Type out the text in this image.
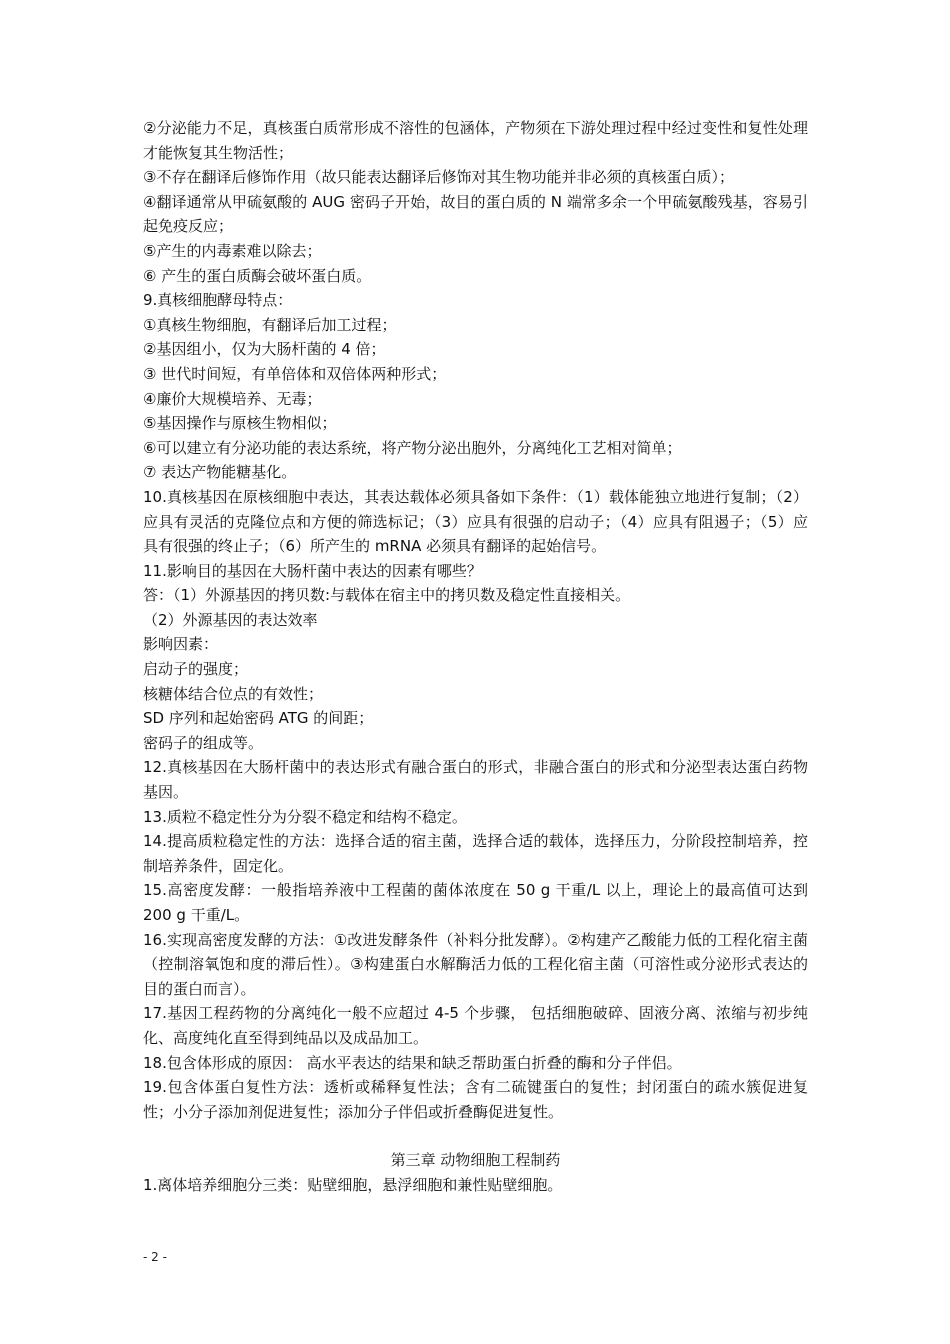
②分泌能力不足，真核蛋白质常形成不溶性的包涵体，产物须在下游处理过程中经过变性和复性处理才能恢复其生物活性；
③不存在翻译后修饰作用（故只能表达翻译后修饰对其生物功能并非必须的真核蛋白质）；
④翻译通常从甲硫氨酸的 AUG 密码子开始，故目的蛋白质的 N 端常多余一个甲硫氨酸残基，容易引起免疫反应；
⑤产生的内毒素难以除去；
⑥ 产生的蛋白质酶会破坏蛋白质。
9.真核细胞酵母特点：
①真核生物细胞，有翻译后加工过程；
②基因组小，仅为大肠杆菌的 4 倍；
③ 世代时间短，有单倍体和双倍体两种形式；
④廉价大规模培养、无毒；
⑤基因操作与原核生物相似；
⑥可以建立有分泌功能的表达系统，将产物分泌出胞外，分离纯化工艺相对简单；
⑦ 表达产物能糖基化。
10.真核基因在原核细胞中表达，其表达载体必须具备如下条件：（1）载体能独立地进行复制；（2）应具有灵活的克隆位点和方便的筛选标记；（3）应具有很强的启动子；（4）应具有阻遏子；（5）应具有很强的终止子；（6）所产生的 mRNA 必须具有翻译的起始信号。
11.影响目的基因在大肠杆菌中表达的因素有哪些？
答：（1）外源基因的拷贝数:与载体在宿主中的拷贝数及稳定性直接相关。
（2）外源基因的表达效率
影响因素：
启动子的强度；
核糖体结合位点的有效性；
SD 序列和起始密码 ATG 的间距；
密码子的组成等。
12.真核基因在大肠杆菌中的表达形式有融合蛋白的形式，非融合蛋白的形式和分泌型表达蛋白药物基因。
13.质粒不稳定性分为分裂不稳定和结构不稳定。
14.提高质粒稳定性的方法：选择合适的宿主菌，选择合适的载体，选择压力，分阶段控制培养，控制培养条件，固定化。
15.高密度发酵：一般指培养液中工程菌的菌体浓度在 50 g 干重/L 以上，理论上的最高值可达到 200 g 干重/L。
16.实现高密度发酵的方法：①改进发酵条件（补料分批发酵）。②构建产乙酸能力低的工程化宿主菌（控制溶氧饱和度的滞后性）。③构建蛋白水解酶活力低的工程化宿主菌（可溶性或分泌形式表达的目的蛋白而言）。
17.基因工程药物的分离纯化一般不应超过 4-5 个步骤， 包括细胞破碎、固液分离、浓缩与初步纯化、高度纯化直至得到纯品以及成品加工。
18.包含体形成的原因： 高水平表达的结果和缺乏帮助蛋白折叠的酶和分子伴侣。
19.包含体蛋白复性方法：透析或稀释复性法；含有二硫键蛋白的复性；封闭蛋白的疏水簇促进复性；小分子添加剂促进复性；添加分子伴侣或折叠酶促进复性。
第三章 动物细胞工程制药
1.离体培养细胞分三类：贴壁细胞，悬浮细胞和兼性贴壁细胞。
- 2 -
